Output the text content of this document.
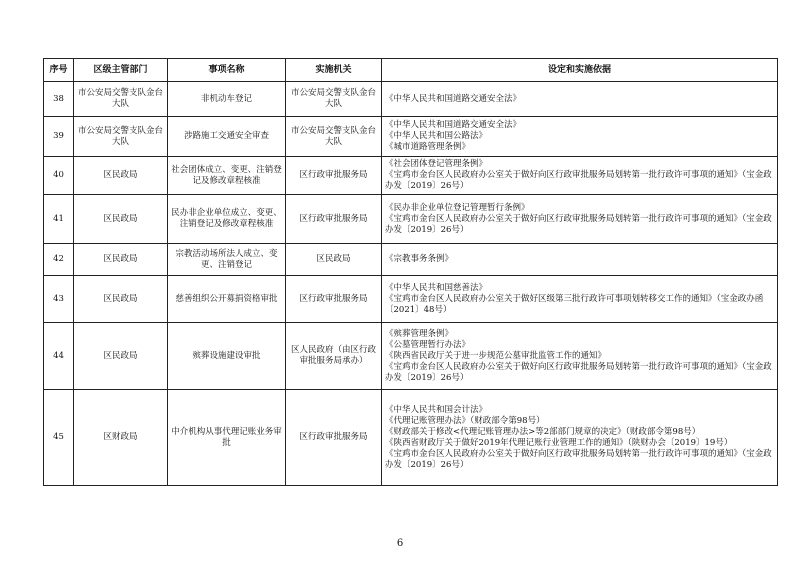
序号	区级主管部门	事项名称	实施机关	设定和实施依据
38	市公安局交警支队金台大队	非机动车登记	市公安局交警支队金台大队	《中华人民共和国道路交通安全法》

39	市公安局交警支队金台大队	涉路施工交通安全审查	市公安局交警支队金台大队	《中华人民共和国道路交通安全法》
《中华人民共和国公路法》
《城市道路管理条例》

40	区民政局	社会团体成立、变更、注销登记及修改章程核准	区行政审批服务局	《社会团体登记管理条例》
《宝鸡市金台区人民政府办公室关于做好向区行政审批服务局划转第一批行政许可事项的通知》（宝金政办发〔2019〕26号）

41	区民政局	民办非企业单位成立、变更、注销登记及修改章程核准	区行政审批服务局	《民办非企业单位登记管理暂行条例》
《宝鸡市金台区人民政府办公室关于做好向区行政审批服务局划转第一批行政许可事项的通知》（宝金政办发〔2019〕26号）

42	区民政局	宗教活动场所法人成立、变更、注销登记	区民政局	《宗教事务条例》

43	区民政局	慈善组织公开募捐资格审批	区行政审批服务局	《中华人民共和国慈善法》
《宝鸡市金台区人民政府办公室关于做好区级第三批行政许可事项划转移交工作的通知》（宝金政办函〔2021〕48号）

44	区民政局	殡葬设施建设审批	区人民政府（由区行政审批服务局承办）	《殡葬管理条例》
《公墓管理暂行办法》
《陕西省民政厅关于进一步规范公墓审批监管工作的通知》
《宝鸡市金台区人民政府办公室关于做好向区行政审批服务局划转第一批行政许可事项的通知》（宝金政办发〔2019〕26号）

45	区财政局	中介机构从事代理记账业务审批	区行政审批服务局	《中华人民共和国会计法》
《代理记账管理办法》（财政部令第98号）
《财政部关于修改<代理记账管理办法>等2部部门规章的决定》（财政部令第98号）
《陕西省财政厅关于做好2019年代理记账行业管理工作的通知》（陕财办会〔2019〕19号）
《宝鸡市金台区人民政府办公室关于做好向区行政审批服务局划转第一批行政许可事项的通知》（宝金政办发〔2019〕26号）
6
